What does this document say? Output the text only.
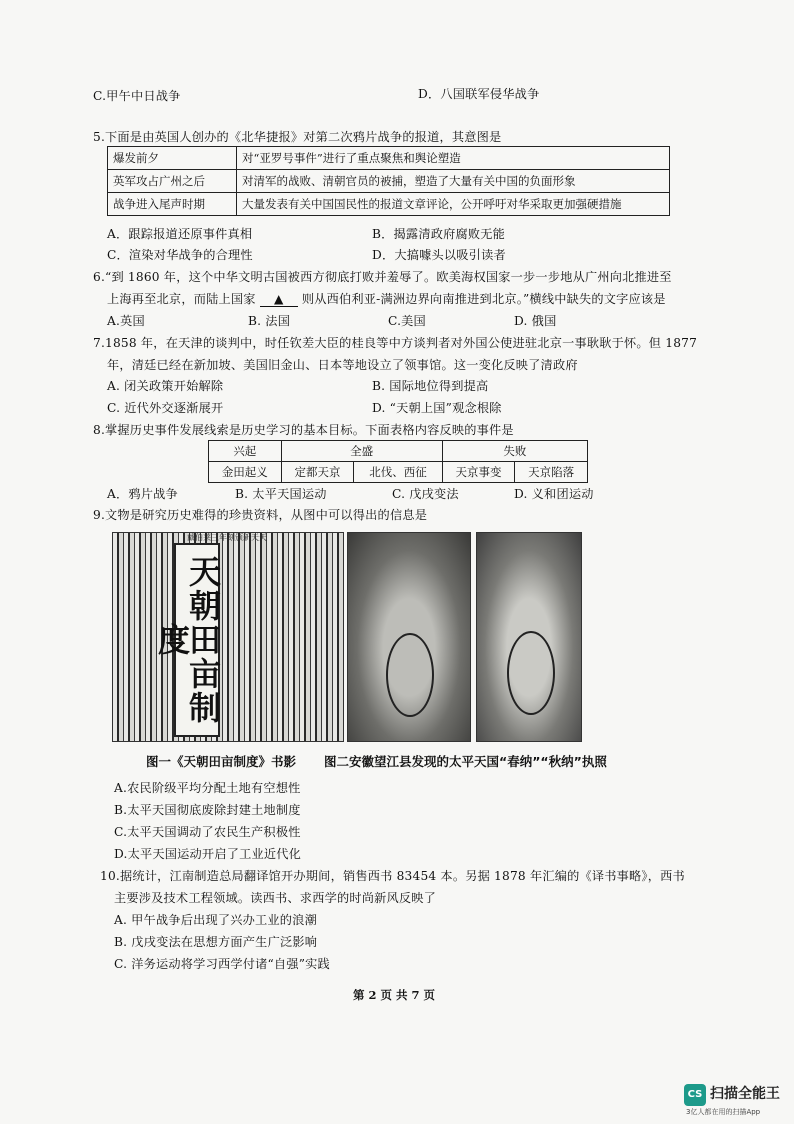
C.甲午中日战争	D．八国联军侵华战争
5.下面是由英国人创办的《北华捷报》对第二次鸦片战争的报道，其意图是
爆发前夕	对“亚罗号事件”进行了重点聚焦和舆论塑造
英军攻占广州之后	对清军的战败、清朝官员的被捕，塑造了大量有关中国的负面形象
战争进入尾声时期	大量发表有关中国国民性的报道文章评论，公开呼吁对华采取更加强硬措施
A．跟踪报道还原事件真相	B．揭露清政府腐败无能
C．渲染对华战争的合理性	D．大搞噱头以吸引读者
6.“到 1860 年，这个中华文明古国被西方彻底打败并羞辱了。欧美海权国家一步一步地从广州向北推进至
上海再至北京，而陆上国家 ▲ 则从西伯利亚-满洲边界向南推进到北京。”横线中缺失的文字应该是
A.英国	B. 法国	C.美国	D. 俄国
7.1858 年，在天津的谈判中，时任钦差大臣的桂良等中方谈判者对外国公使进驻北京一事耿耿于怀。但 1877
年，清廷已经在新加坡、美国旧金山、日本等地设立了领事馆。这一变化反映了清政府
A. 闭关政策开始解除	B. 国际地位得到提高
C. 近代外交逐渐展开	D. “天朝上国”观念根除
8.掌握历史事件发展线索是历史学习的基本目标。下面表格内容反映的事件是
兴起	全盛		失败	
金田起义	定都天京	北伐、西征	天京事变	天京陷落
A．鸦片战争	B. 太平天国运动	C. 戊戌变法	D. 义和团运动
9.文物是研究历史难得的珍贵资料，从图中可以得出的信息是
戴伯莱三年刻颁新天天
天朝田亩制度
图一《天朝田亩制度》书影 图二安徽望江县发现的太平天国“春纳”“秋纳”执照
A.农民阶级平均分配土地有空想性
B.太平天国彻底废除封建土地制度
C.太平天国调动了农民生产积极性
D.太平天国运动开启了工业近代化
10.据统计，江南制造总局翻译馆开办期间，销售西书 83454 本。另据 1878 年汇编的《译书事略》，西书
主要涉及技术工程领域。读西书、求西学的时尚新风反映了
A. 甲午战争后出现了兴办工业的浪潮
B. 戊戌变法在思想方面产生广泛影响
C. 洋务运动将学习西学付诸“自强”实践
第 2 页 共 7 页
CS 扫描全能王
3亿人都在用的扫描App
